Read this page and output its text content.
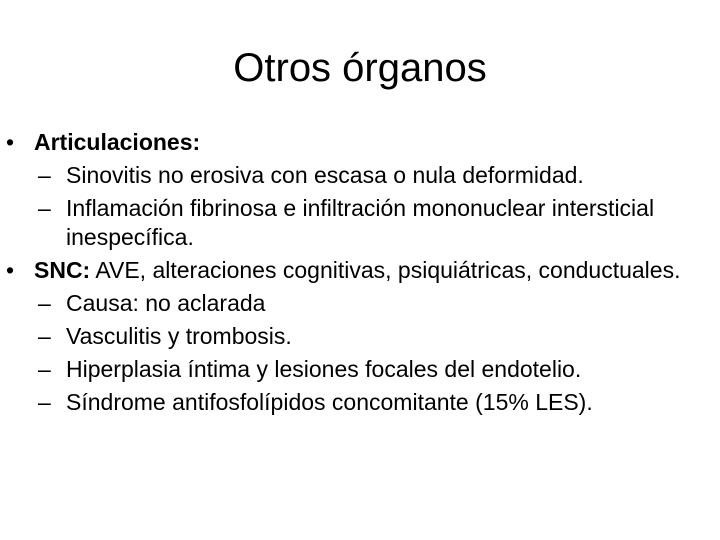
Otros órganos
• Articulaciones:
– Sinovitis no erosiva con escasa o nula deformidad.
– Inflamación fibrinosa e infiltración mononuclear intersticial inespecífica.
• SNC: AVE, alteraciones cognitivas, psiquiátricas, conductuales.
– Causa: no aclarada
– Vasculitis y trombosis.
– Hiperplasia íntima y lesiones focales del endotelio.
– Síndrome antifosfolípidos concomitante (15% LES).
